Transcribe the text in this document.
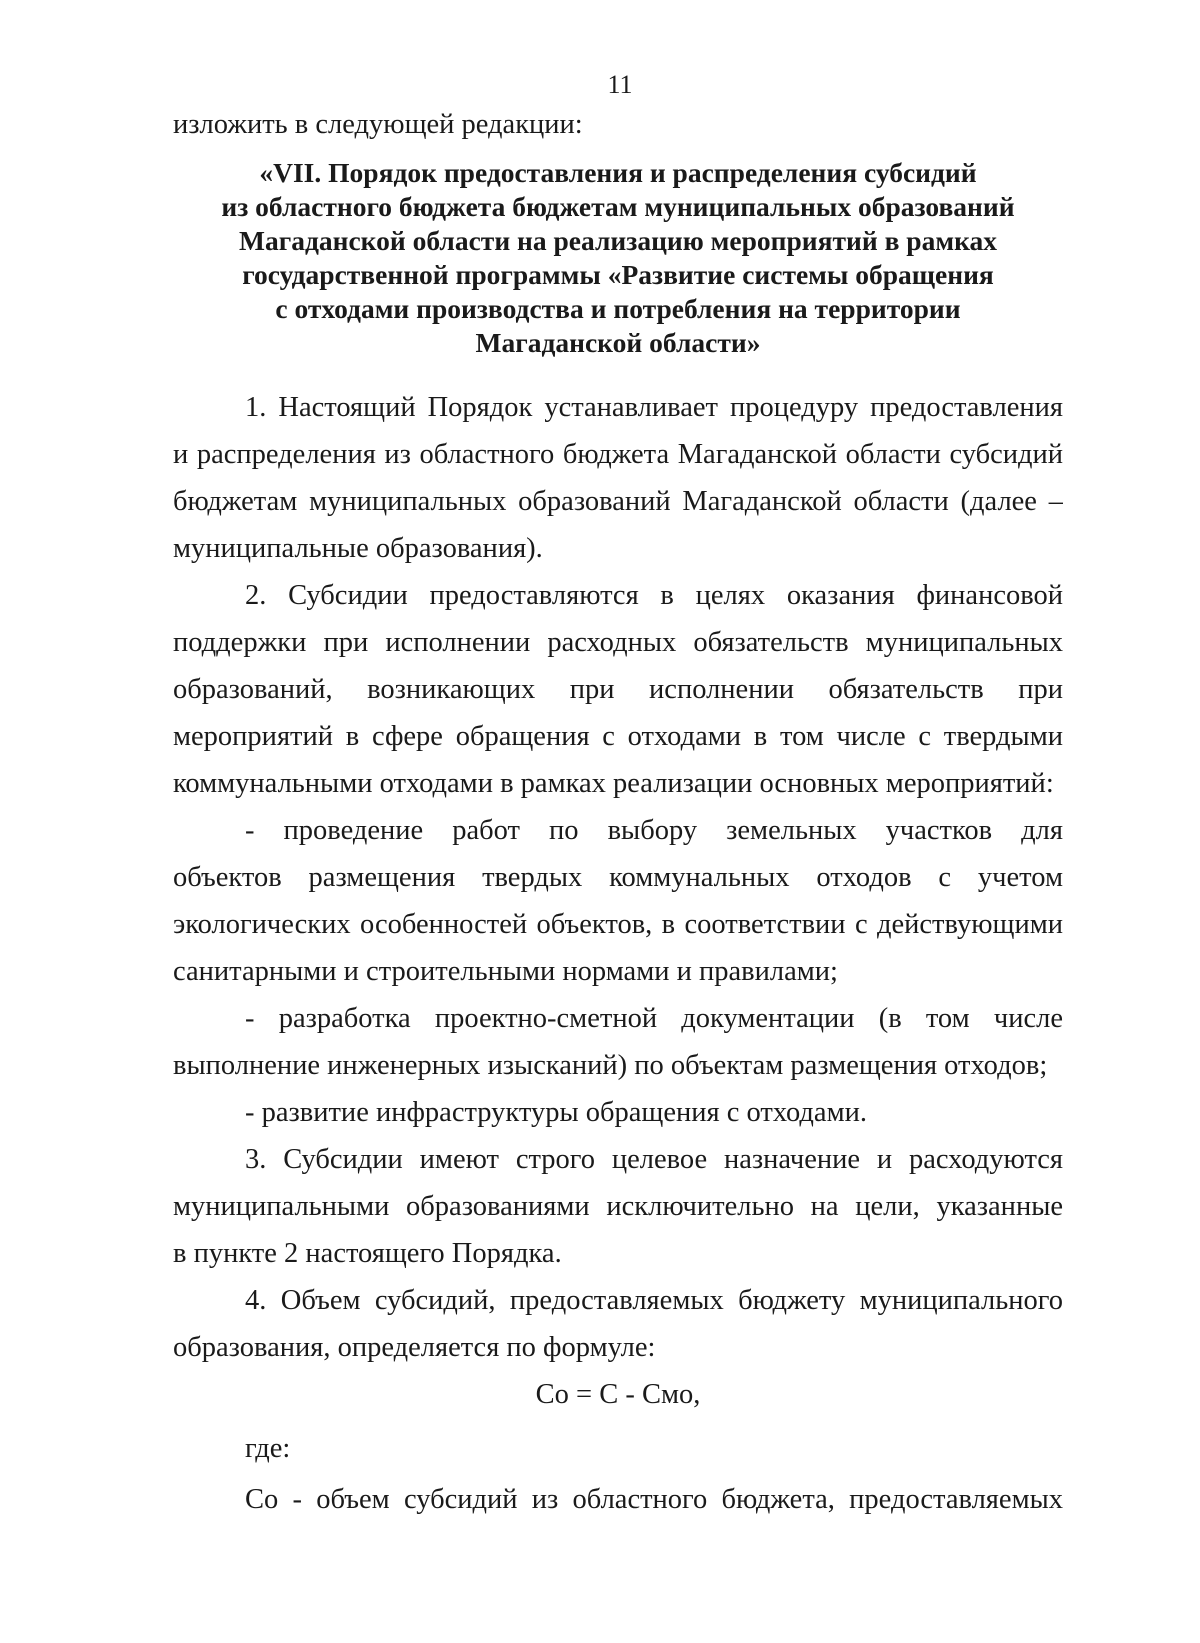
11
изложить в следующей редакции:
«VII. Порядок предоставления и распределения субсидий
из областного бюджета бюджетам муниципальных образований
Магаданской области на реализацию мероприятий в рамках
государственной программы «Развитие системы обращения
с отходами производства и потребления на территории
Магаданской области»
1. Настоящий Порядок устанавливает процедуру предоставления
и распределения из областного бюджета Магаданской области субсидий
бюджетам муниципальных образований Магаданской области (далее –
муниципальные образования).
2. Субсидии предоставляются в целях оказания финансовой
поддержки при исполнении расходных обязательств муниципальных
образований, возникающих при исполнении обязательств при
мероприятий в сфере обращения с отходами в том числе с твердыми
коммунальными отходами в рамках реализации основных мероприятий:
- проведение работ по выбору земельных участков для
объектов размещения твердых коммунальных отходов с учетом
экологических особенностей объектов, в соответствии с действующими
санитарными и строительными нормами и правилами;
- разработка проектно-сметной документации (в том числе
выполнение инженерных изысканий) по объектам размещения отходов;
- развитие инфраструктуры обращения с отходами.
3. Субсидии имеют строго целевое назначение и расходуются
муниципальными образованиями исключительно на цели, указанные
в пункте 2 настоящего Порядка.
4. Объем субсидий, предоставляемых бюджету муниципального
образования, определяется по формуле:
Со = С - Смо,
где:
Со - объем субсидий из областного бюджета, предоставляемых
